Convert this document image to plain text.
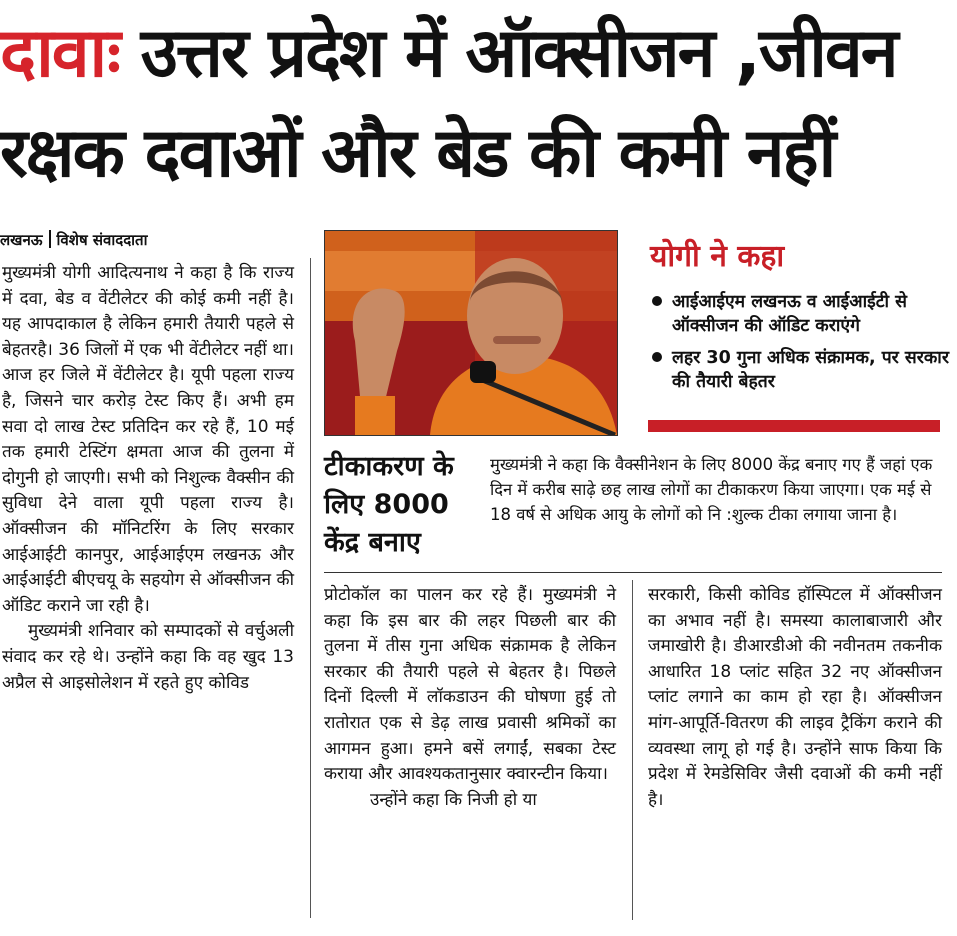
दावाः उत्तर प्रदेश में ऑक्सीजन ,जीवन
रक्षक दवाओं और बेड की कमी नहीं
लखनऊ विशेष संवाददाता

मुख्यमंत्री योगी आदित्यनाथ ने कहा है कि राज्य में दवा, बेड व वेंटीलेटर की कोई कमी नहीं है। यह आपदाकाल है लेकिन हमारी तैयारी पहले से बेहतरहै। 36 जिलों में एक भी वेंटीलेटर नहीं था। आज हर जिले में वेंटीलेटर है। यूपी पहला राज्य है, जिसने चार करोड़ टेस्ट किए हैं। अभी हम सवा दो लाख टेस्ट प्रतिदिन कर रहे हैं, 10 मई तक हमारी टेस्टिंग क्षमता आज की तुलना में दोगुनी हो जाएगी। सभी को निशुल्क वैक्सीन की सुविधा देने वाला यूपी पहला राज्य है। ऑक्सीजन की मॉनिटरिंग के लिए सरकार आईआईटी कानपुर, आईआईएम लखनऊ और आईआईटी बीएचयू के सहयोग से ऑक्सीजन की ऑडिट कराने जा रही है।

मुख्यमंत्री शनिवार को सम्पादकों से वर्चुअली संवाद कर रहे थे। उन्होंने कहा कि वह खुद 13 अप्रैल से आइसोलेशन में रहते हुए कोविड

योगी ने कहा
आईआईएम लखनऊ व आईआईटी से ऑक्सीजन की ऑडिट कराएंगे
लहर 30 गुना अधिक संक्रामक, पर सरकार की तैयारी बेहतर
टीकाकरण के लिए 8000 केंद्र बनाए

मुख्यमंत्री ने कहा कि वैक्सीनेशन के लिए 8000 केंद्र बनाए गए हैं जहां एक दिन में करीब साढ़े छह लाख लोगों का टीकाकरण किया जाएगा। एक मई से 18 वर्ष से अधिक आयु के लोगों को नि :शुल्क टीका लगाया जाना है।

प्रोटोकॉल का पालन कर रहे हैं। मुख्यमंत्री ने कहा कि इस बार की लहर पिछली बार की तुलना में तीस गुना अधिक संक्रामक है लेकिन सरकार की तैयारी पहले से बेहतर है। पिछले दिनों दिल्ली में लॉकडाउन की घोषणा हुई तो रातोरात एक से डेढ़ लाख प्रवासी श्रमिकों का आगमन हुआ। हमने बसें लगाईं, सबका टेस्ट कराया और आवश्यकतानुसार क्वारन्टीन किया।

उन्होंने कहा कि निजी हो या

सरकारी, किसी कोविड हॉस्पिटल में ऑक्सीजन का अभाव नहीं है। समस्या कालाबाजारी और जमाखोरी है। डीआरडीओ की नवीनतम तकनीक आधारित 18 प्लांट सहित 32 नए ऑक्सीजन प्लांट लगाने का काम हो रहा है। ऑक्सीजन मांग-आपूर्ति-वितरण की लाइव ट्रैकिंग कराने की व्यवस्था लागू हो गई है। उन्होंने साफ किया कि प्रदेश में रेमडेसिविर जैसी दवाओं की कमी नहीं है।
